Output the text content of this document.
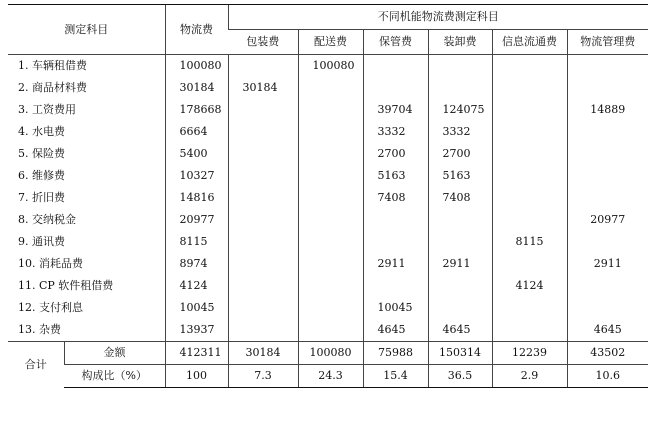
测定科目		物流费	不同机能物流费测定科目					
			包装费	配送费	保管费	装卸费	信息流通费	物流管理费
1. 车辆租借费		100080		100080				
2. 商品材料费		30184	30184					
3. 工资费用		178668			39704	124075		14889
4. 水电费		6664			3332	3332		
5. 保险费		5400			2700	2700		
6. 维修费		10327			5163	5163		
7. 折旧费		14816			7408	7408		
8. 交纳税金		20977						20977
9. 通讯费		8115					8115	
10. 消耗品费		8974			2911	2911		2911
11. CP 软件租借费		4124					4124	
12. 支付利息		10045			10045			
13. 杂费		13937			4645	4645		4645
合计	金额	412311	30184	100080	75988	150314	12239	43502
	构成比（%）	100	7.3	24.3	15.4	36.5	2.9	10.6
